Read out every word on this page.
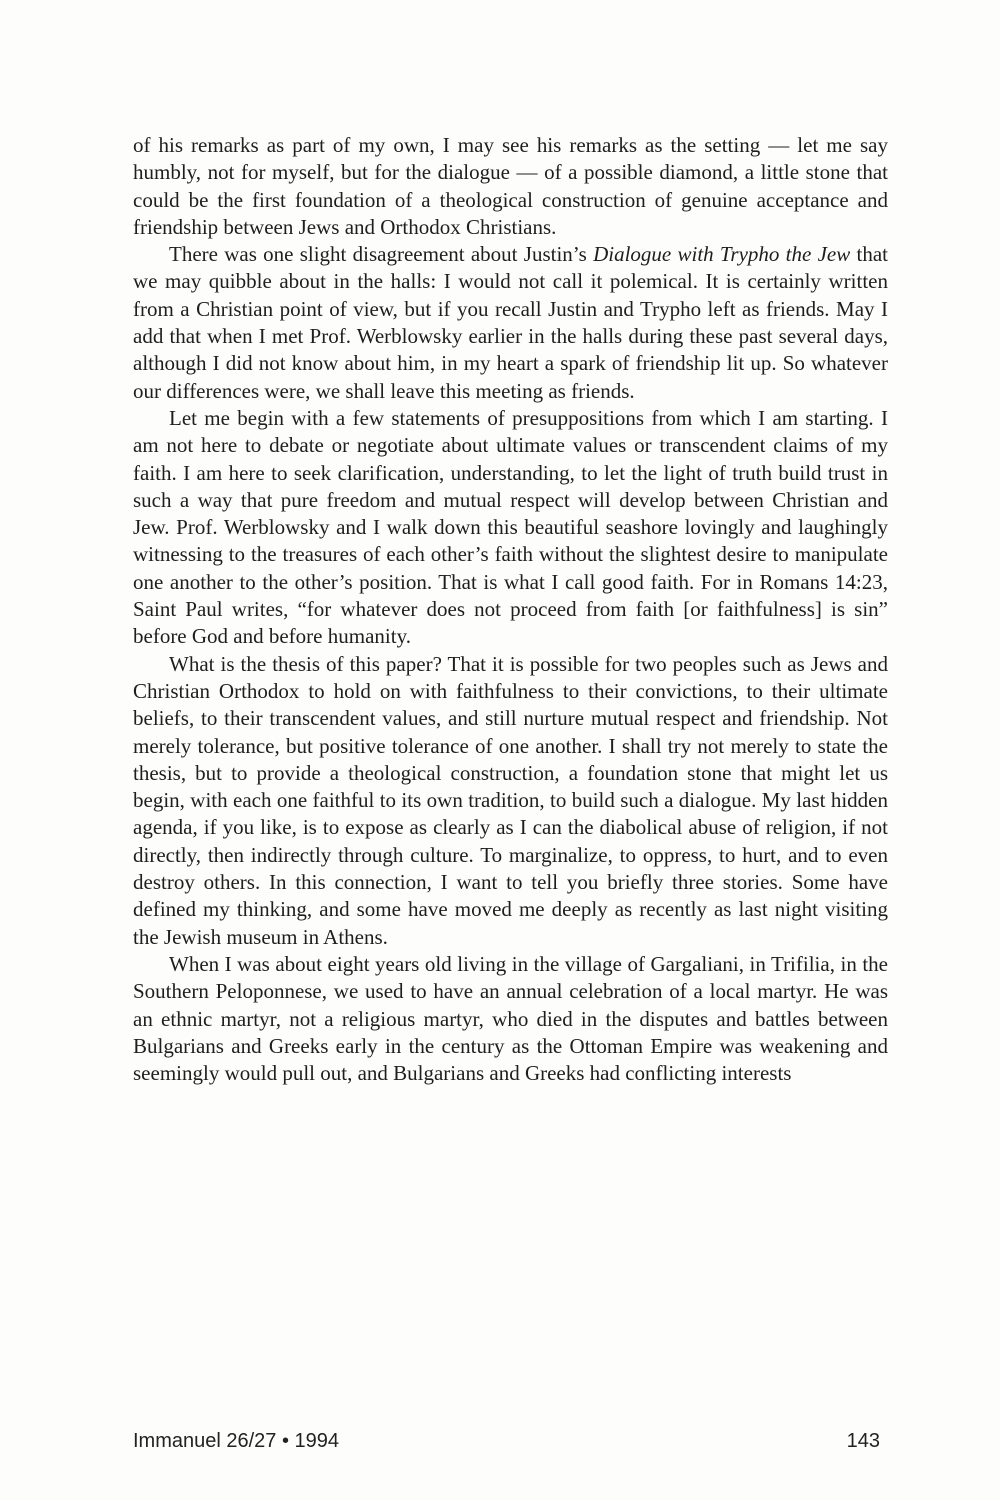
of his remarks as part of my own, I may see his remarks as the setting — let me say humbly, not for myself, but for the dialogue — of a possible diamond, a little stone that could be the first foundation of a theological construction of genuine acceptance and friendship between Jews and Orthodox Christians.

There was one slight disagreement about Justin’s Dialogue with Trypho the Jew that we may quibble about in the halls: I would not call it polemical. It is certainly written from a Christian point of view, but if you recall Justin and Trypho left as friends. May I add that when I met Prof. Werblowsky earlier in the halls during these past several days, although I did not know about him, in my heart a spark of friendship lit up. So whatever our differences were, we shall leave this meeting as friends.

Let me begin with a few statements of presuppositions from which I am starting. I am not here to debate or negotiate about ultimate values or transcendent claims of my faith. I am here to seek clarification, understanding, to let the light of truth build trust in such a way that pure freedom and mutual respect will develop between Christian and Jew. Prof. Werblowsky and I walk down this beautiful seashore lovingly and laughingly witnessing to the treasures of each other’s faith without the slightest desire to manipulate one another to the other’s position. That is what I call good faith. For in Romans 14:23, Saint Paul writes, “for whatever does not proceed from faith [or faithfulness] is sin” before God and before humanity.

What is the thesis of this paper? That it is possible for two peoples such as Jews and Christian Orthodox to hold on with faithfulness to their convictions, to their ultimate beliefs, to their transcendent values, and still nurture mutual respect and friendship. Not merely tolerance, but positive tolerance of one another. I shall try not merely to state the thesis, but to provide a theological construction, a foundation stone that might let us begin, with each one faithful to its own tradition, to build such a dialogue. My last hidden agenda, if you like, is to expose as clearly as I can the diabolical abuse of religion, if not directly, then indirectly through culture. To marginalize, to oppress, to hurt, and to even destroy others. In this connection, I want to tell you briefly three stories. Some have defined my thinking, and some have moved me deeply as recently as last night visiting the Jewish museum in Athens.

When I was about eight years old living in the village of Gargaliani, in Trifilia, in the Southern Peloponnese, we used to have an annual celebration of a local martyr. He was an ethnic martyr, not a religious martyr, who died in the disputes and battles between Bulgarians and Greeks early in the century as the Ottoman Empire was weakening and seemingly would pull out, and Bulgarians and Greeks had conflicting interests

Immanuel 26/27 • 1994	143
